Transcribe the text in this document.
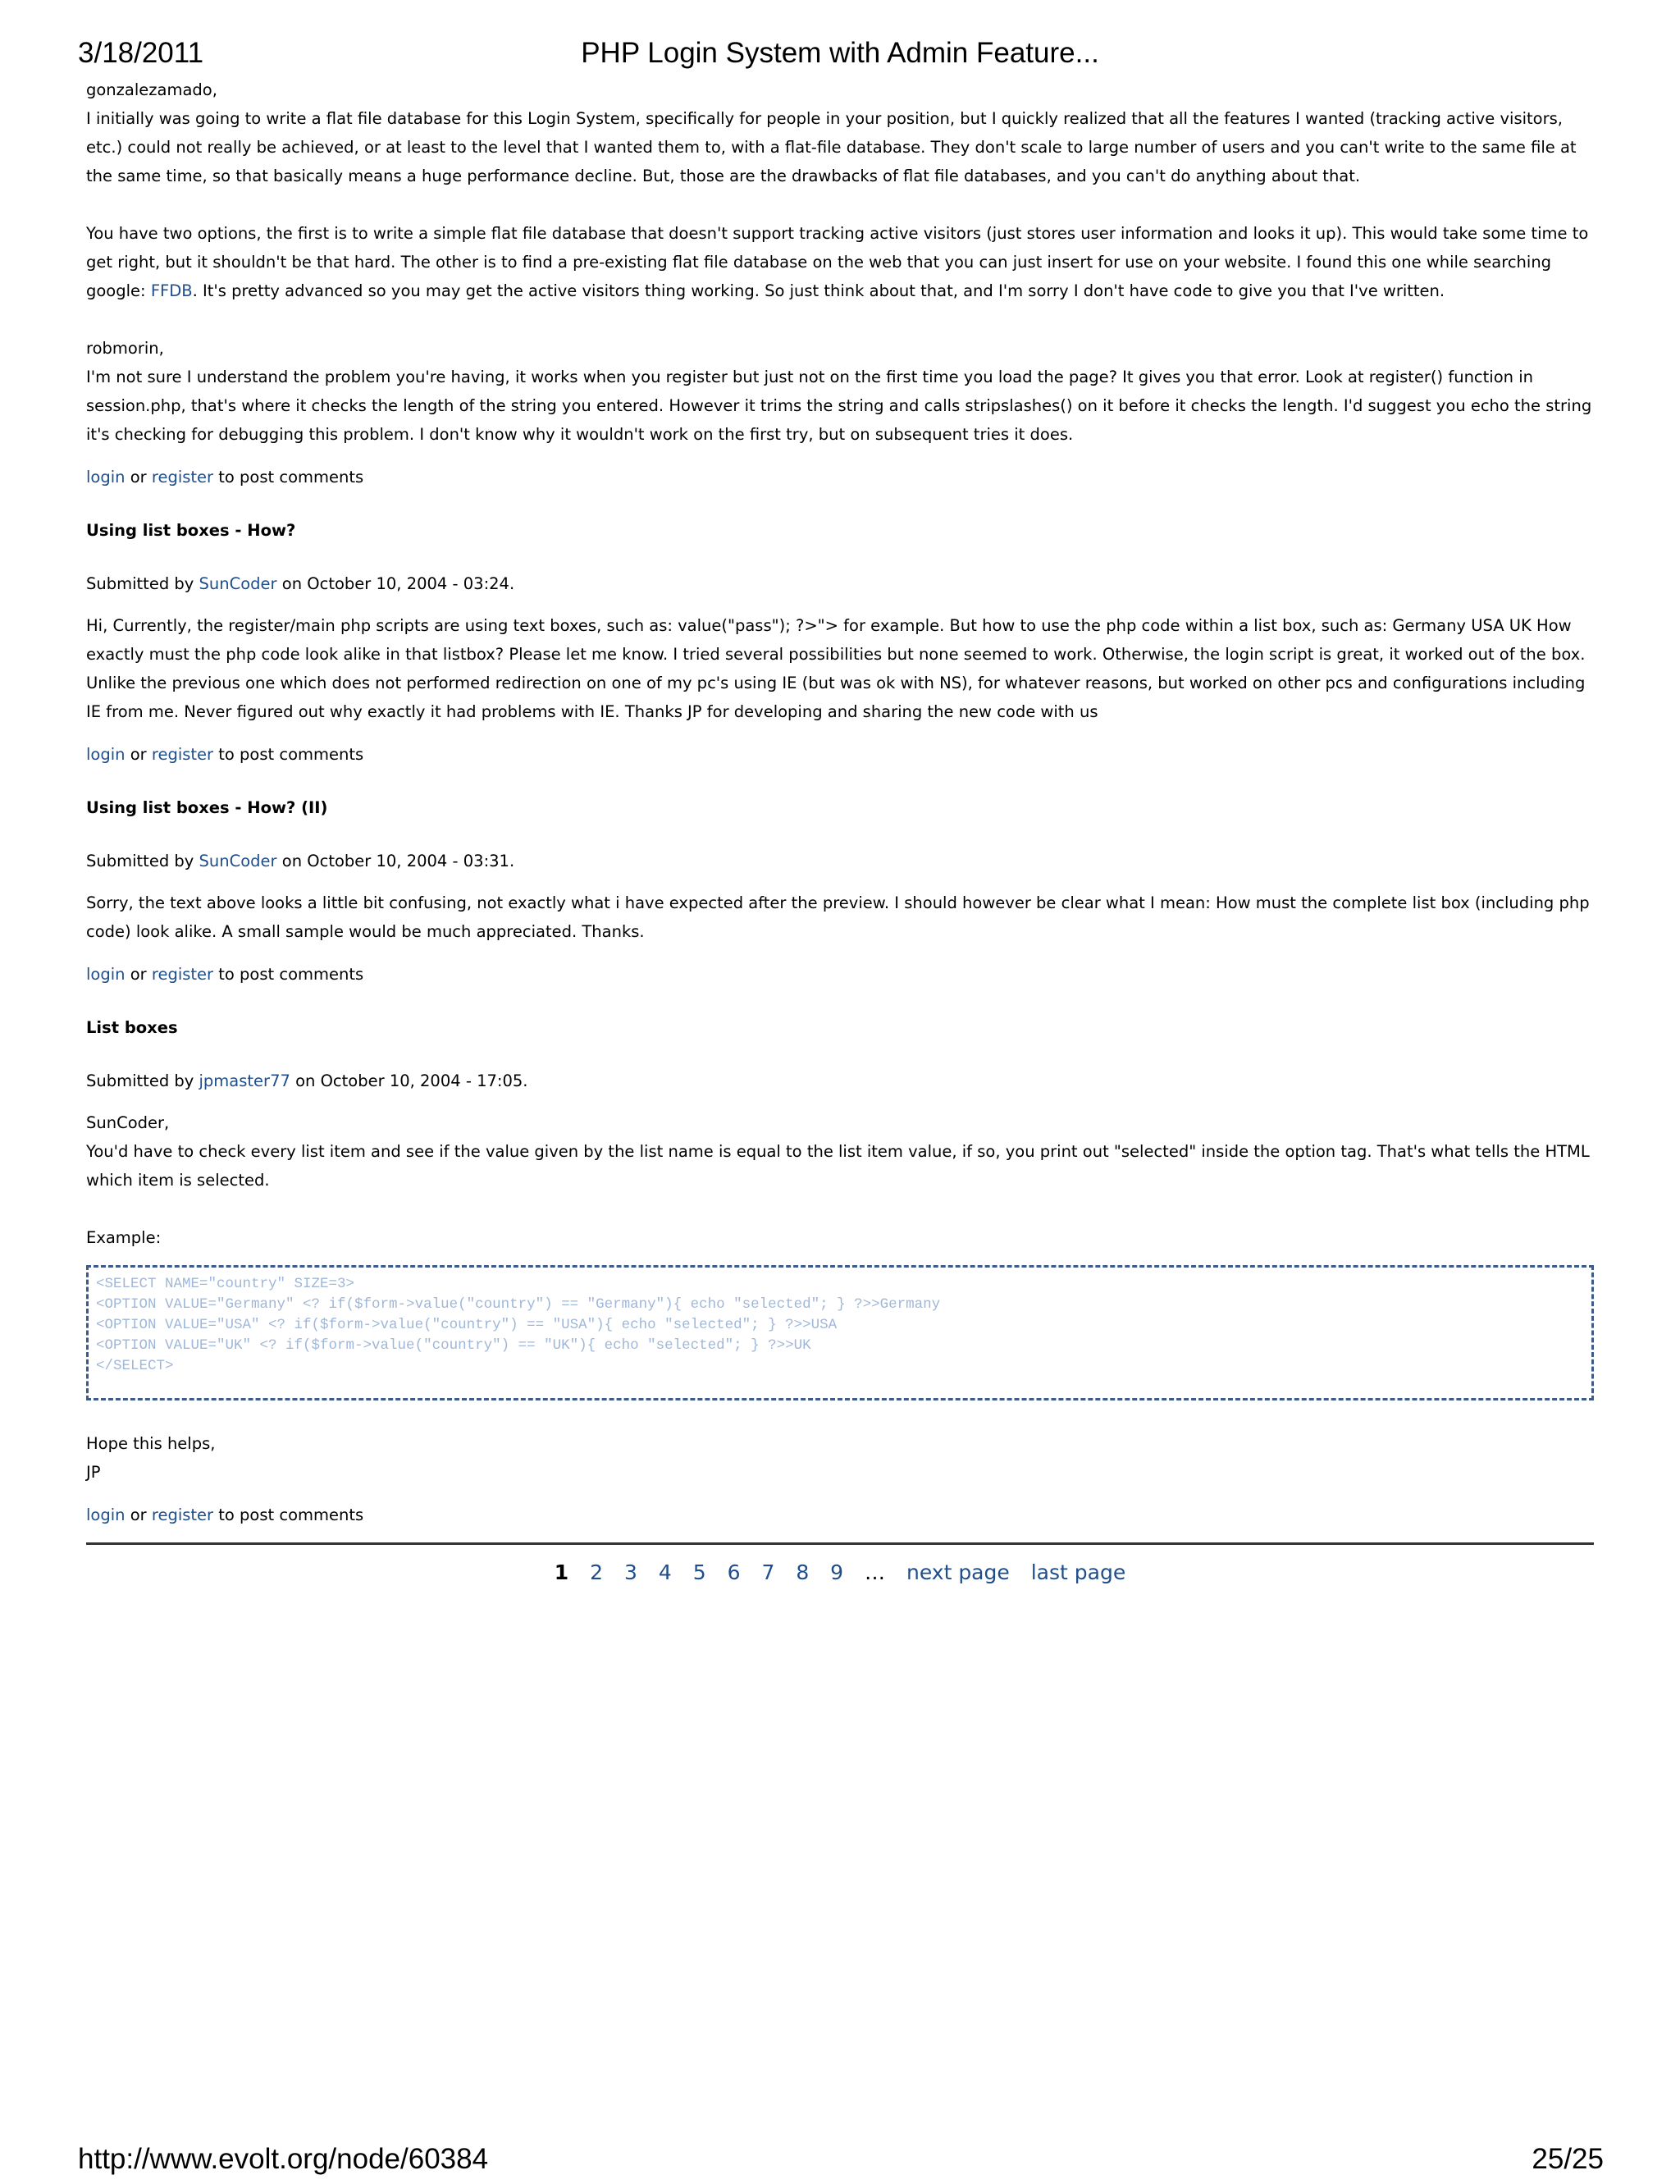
3/18/2011	PHP Login System with Admin Feature...

gonzalezamado,
I initially was going to write a flat file database for this Login System, specifically for people in your position, but I quickly realized that all the features I wanted (tracking active visitors, etc.) could not really be achieved, or at least to the level that I wanted them to, with a flat-file database. They don't scale to large number of users and you can't write to the same file at the same time, so that basically means a huge performance decline. But, those are the drawbacks of flat file databases, and you can't do anything about that.

You have two options, the first is to write a simple flat file database that doesn't support tracking active visitors (just stores user information and looks it up). This would take some time to get right, but it shouldn't be that hard. The other is to find a pre-existing flat file database on the web that you can just insert for use on your website. I found this one while searching google: FFDB. It's pretty advanced so you may get the active visitors thing working. So just think about that, and I'm sorry I don't have code to give you that I've written.

robmorin,
I'm not sure I understand the problem you're having, it works when you register but just not on the first time you load the page? It gives you that error. Look at register() function in session.php, that's where it checks the length of the string you entered. However it trims the string and calls stripslashes() on it before it checks the length. I'd suggest you echo the string it's checking for debugging this problem. I don't know why it wouldn't work on the first try, but on subsequent tries it does.

login or register to post comments

Using list boxes - How?

Submitted by SunCoder on October 10, 2004 - 03:24.

Hi, Currently, the register/main php scripts are using text boxes, such as: value("pass"); ?>"> for example. But how to use the php code within a list box, such as: Germany USA UK How exactly must the php code look alike in that listbox? Please let me know. I tried several possibilities but none seemed to work. Otherwise, the login script is great, it worked out of the box. Unlike the previous one which does not performed redirection on one of my pc's using IE (but was ok with NS), for whatever reasons, but worked on other pcs and configurations including IE from me. Never figured out why exactly it had problems with IE. Thanks JP for developing and sharing the new code with us

login or register to post comments

Using list boxes - How? (II)

Submitted by SunCoder on October 10, 2004 - 03:31.

Sorry, the text above looks a little bit confusing, not exactly what i have expected after the preview. I should however be clear what I mean: How must the complete list box (including php code) look alike. A small sample would be much appreciated. Thanks.

login or register to post comments

List boxes

Submitted by jpmaster77 on October 10, 2004 - 17:05.

SunCoder,
You'd have to check every list item and see if the value given by the list name is equal to the list item value, if so, you print out "selected" inside the option tag. That's what tells the HTML which item is selected.

Example:

<SELECT NAME="country" SIZE=3>
<OPTION VALUE="Germany" <? if($form->value("country") == "Germany"){ echo "selected"; } ?>>Germany
<OPTION VALUE="USA" <? if($form->value("country") == "USA"){ echo "selected"; } ?>>USA
<OPTION VALUE="UK" <? if($form->value("country") == "UK"){ echo "selected"; } ?>>UK
</SELECT>

Hope this helps,
JP

login or register to post comments

1 2 3 4 5 6 7 8 9 … next page last page
http://www.evolt.org/node/60384	25/25
